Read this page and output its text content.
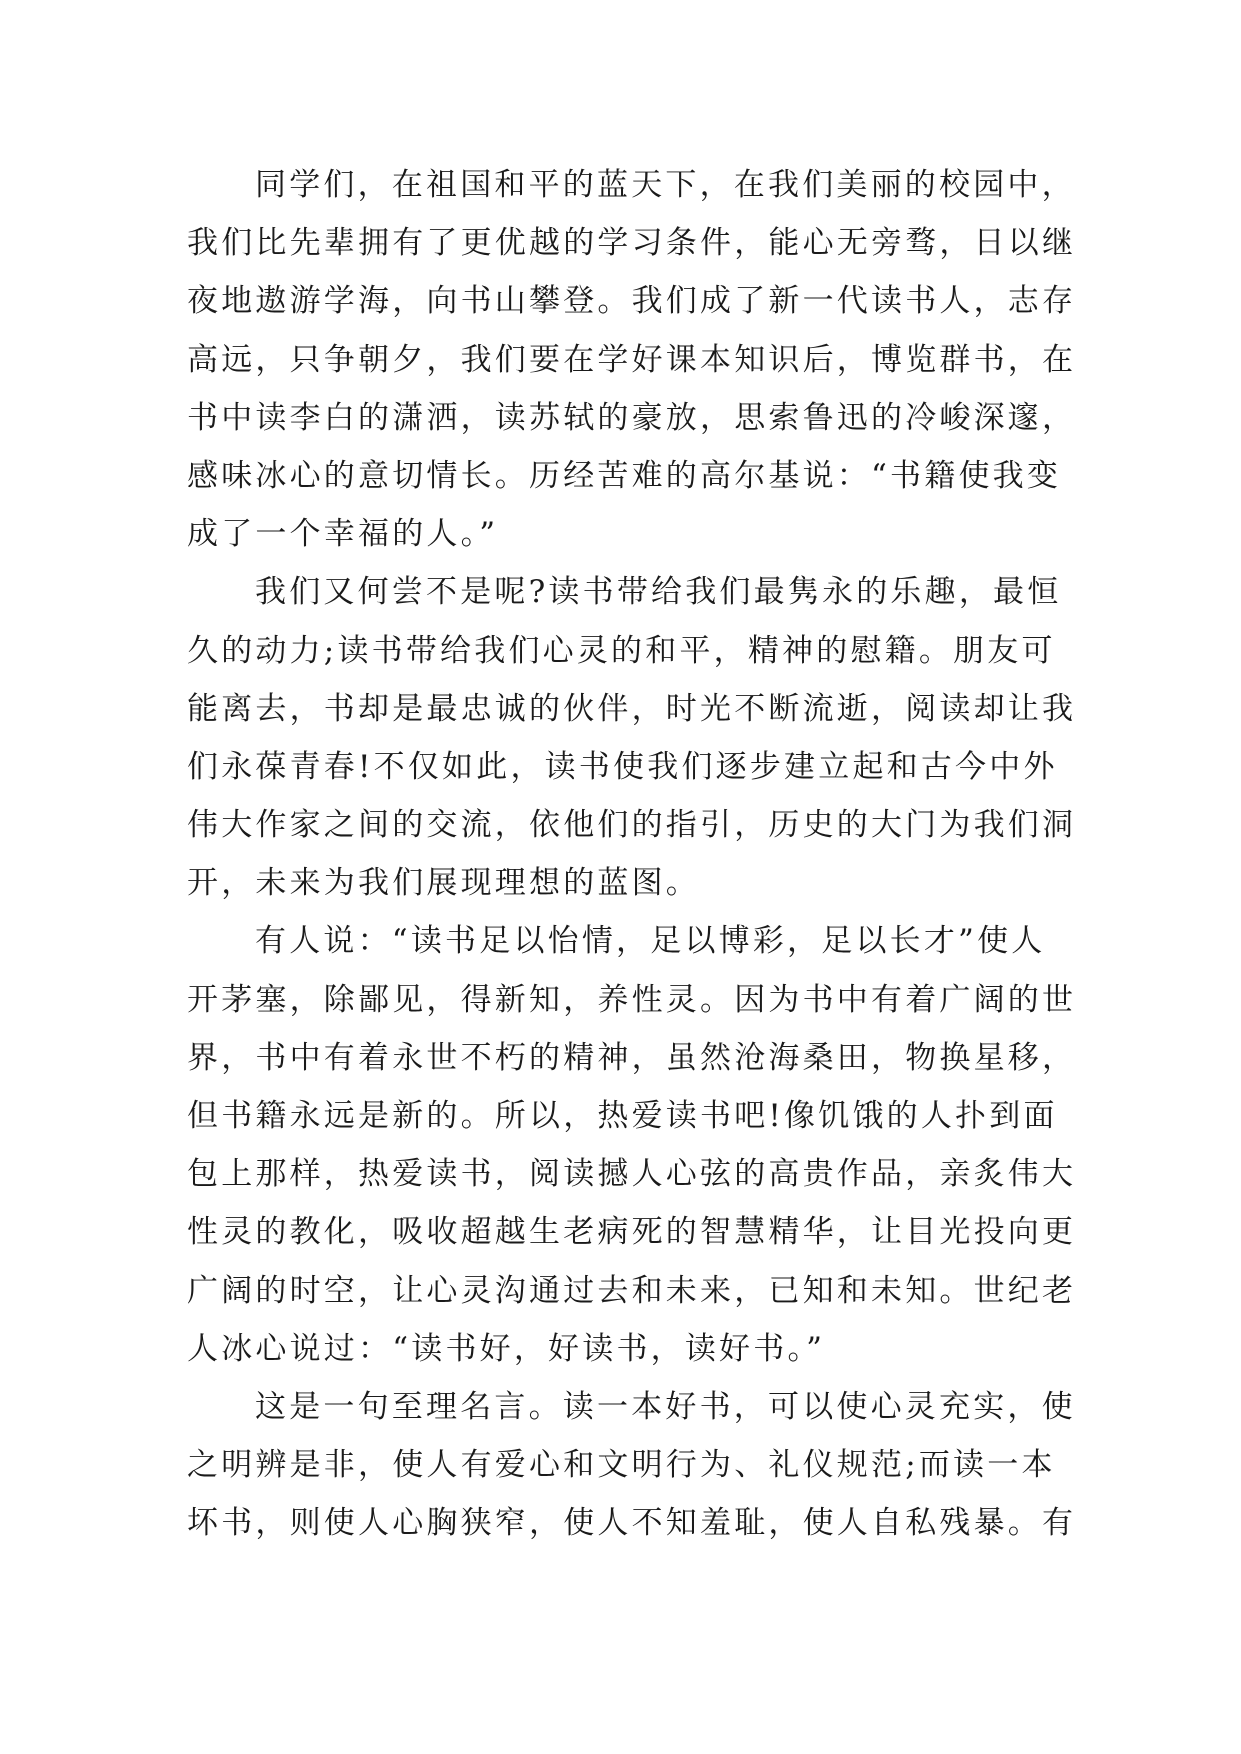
同学们，在祖国和平的蓝天下，在我们美丽的校园中，
我们比先辈拥有了更优越的学习条件，能心无旁骛，日以继
夜地遨游学海，向书山攀登。我们成了新一代读书人，志存
高远，只争朝夕，我们要在学好课本知识后，博览群书，在
书中读李白的潇洒，读苏轼的豪放，思索鲁迅的冷峻深邃，
感味冰心的意切情长。历经苦难的高尔基说：“书籍使我变
成了一个幸福的人。”
我们又何尝不是呢?读书带给我们最隽永的乐趣，最恒
久的动力;读书带给我们心灵的和平，精神的慰籍。朋友可
能离去，书却是最忠诚的伙伴，时光不断流逝，阅读却让我
们永葆青春!不仅如此，读书使我们逐步建立起和古今中外
伟大作家之间的交流，依他们的指引，历史的大门为我们洞
开，未来为我们展现理想的蓝图。
有人说：“读书足以怡情，足以博彩，足以长才”使人
开茅塞，除鄙见，得新知，养性灵。因为书中有着广阔的世
界，书中有着永世不朽的精神，虽然沧海桑田，物换星移，
但书籍永远是新的。所以，热爱读书吧!像饥饿的人扑到面
包上那样，热爱读书，阅读撼人心弦的高贵作品，亲炙伟大
性灵的教化，吸收超越生老病死的智慧精华，让目光投向更
广阔的时空，让心灵沟通过去和未来，已知和未知。世纪老
人冰心说过：“读书好，好读书，读好书。”
这是一句至理名言。读一本好书，可以使心灵充实，使
之明辨是非，使人有爱心和文明行为、礼仪规范;而读一本
坏书，则使人心胸狭窄，使人不知羞耻，使人自私残暴。有
